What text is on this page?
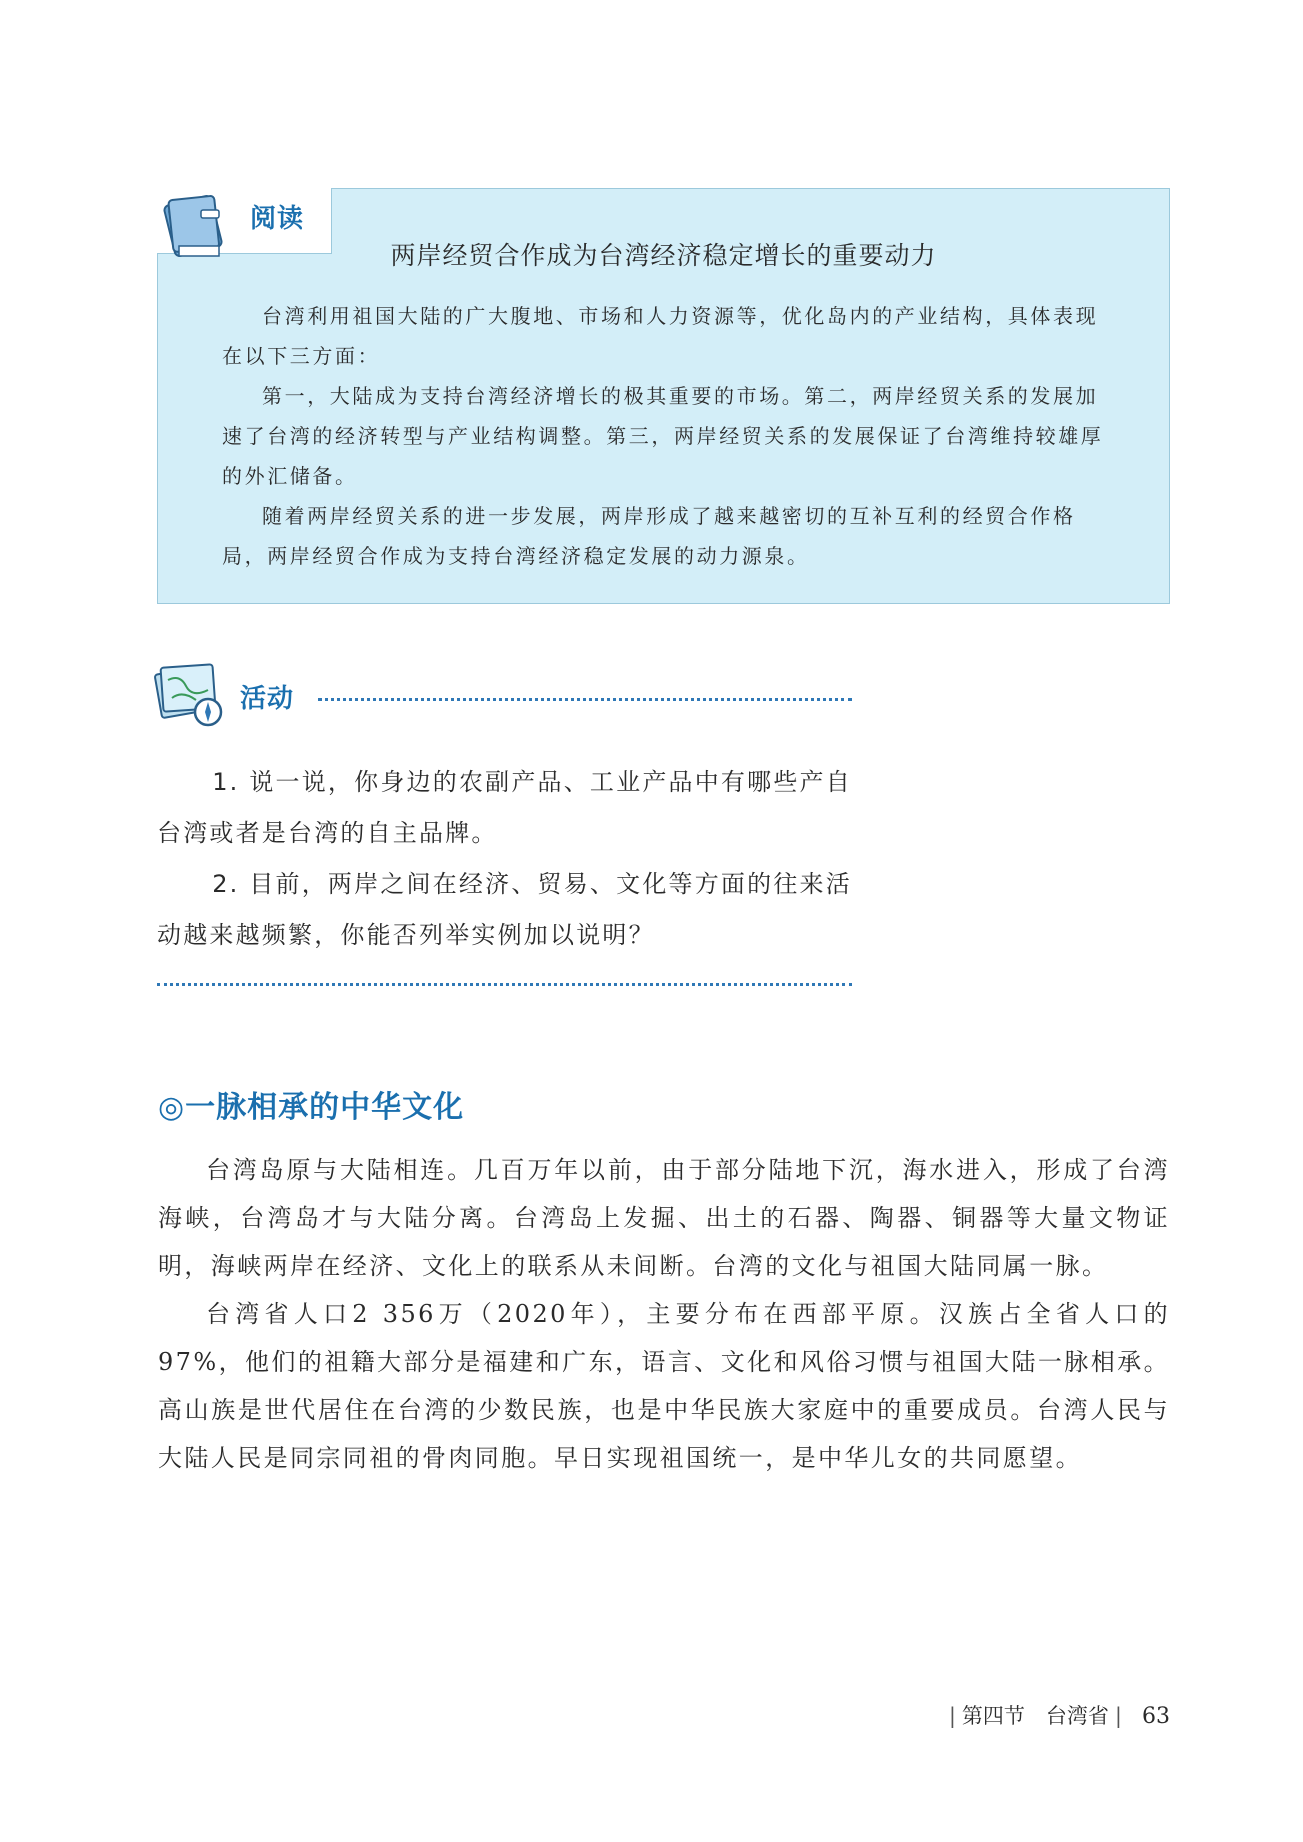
阅读
两岸经贸合作成为台湾经济稳定增长的重要动力

台湾利用祖国大陆的广大腹地、市场和人力资源等，优化岛内的产业结构，具体表现在以下三方面：

第一，大陆成为支持台湾经济增长的极其重要的市场。第二，两岸经贸关系的发展加速了台湾的经济转型与产业结构调整。第三，两岸经贸关系的发展保证了台湾维持较雄厚的外汇储备。

随着两岸经贸关系的进一步发展，两岸形成了越来越密切的互补互利的经贸合作格局，两岸经贸合作成为支持台湾经济稳定发展的动力源泉。

活动

1. 说一说，你身边的农副产品、工业产品中有哪些产自台湾或者是台湾的自主品牌。

2. 目前，两岸之间在经济、贸易、文化等方面的往来活动越来越频繁，你能否列举实例加以说明？

◎一脉相承的中华文化

台湾岛原与大陆相连。几百万年以前，由于部分陆地下沉，海水进入，形成了台湾海峡，台湾岛才与大陆分离。台湾岛上发掘、出土的石器、陶器、铜器等大量文物证明，海峡两岸在经济、文化上的联系从未间断。台湾的文化与祖国大陆同属一脉。

台湾省人口2 356万（2020年），主要分布在西部平原。汉族占全省人口的97%，他们的祖籍大部分是福建和广东，语言、文化和风俗习惯与祖国大陆一脉相承。高山族是世代居住在台湾的少数民族，也是中华民族大家庭中的重要成员。台湾人民与大陆人民是同宗同祖的骨肉同胞。早日实现祖国统一，是中华儿女的共同愿望。

| 第四节　台湾省 | 63
